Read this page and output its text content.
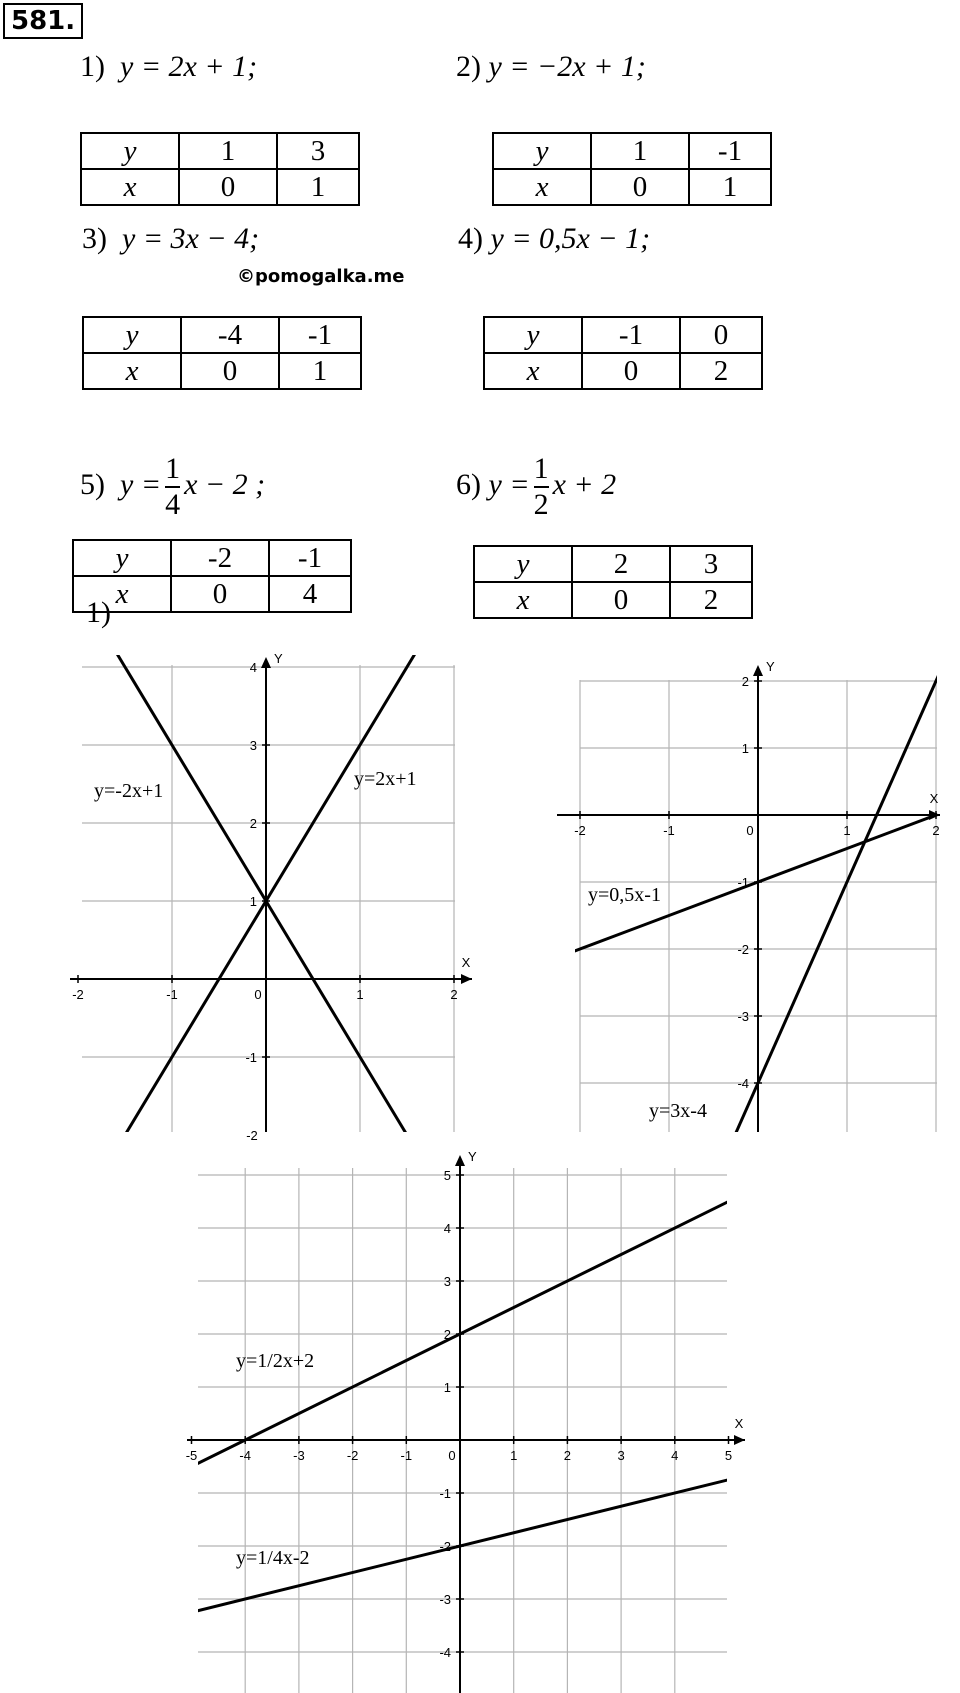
581.
1) y = 2x + 1;	2) y = −2x + 1;
3) y = 3x − 4;	4) y = 0,5x − 1;
©pomogalka.me
5) $y = \frac{1}{4}$ x − 2 ;	6) $y = \frac{1}{2}$ x + 2
y	1	3
x	0	1
y	1	-1
x	0	1
y	-4	-1
x	0	1
y	-1	0
x	0	2
y	-2	-1
x	0	4
y	2	3
x	0	2
1)
X
Y
-2	-1	0	1	2
-1
1
2
3
4
-2
y=2x+1
y=-2x+1	X
Y
-2	-1	0	1	2
2
1
-1
-2
-3
-4
y=0,5x-1
y=3x-4
X
Y
-5	-4	-3	-2	-1	0	1	2	3	4	5
5
4
3
2
1
-1
-2
-3
-4
y=1/2x+2
y=1/4x-2
